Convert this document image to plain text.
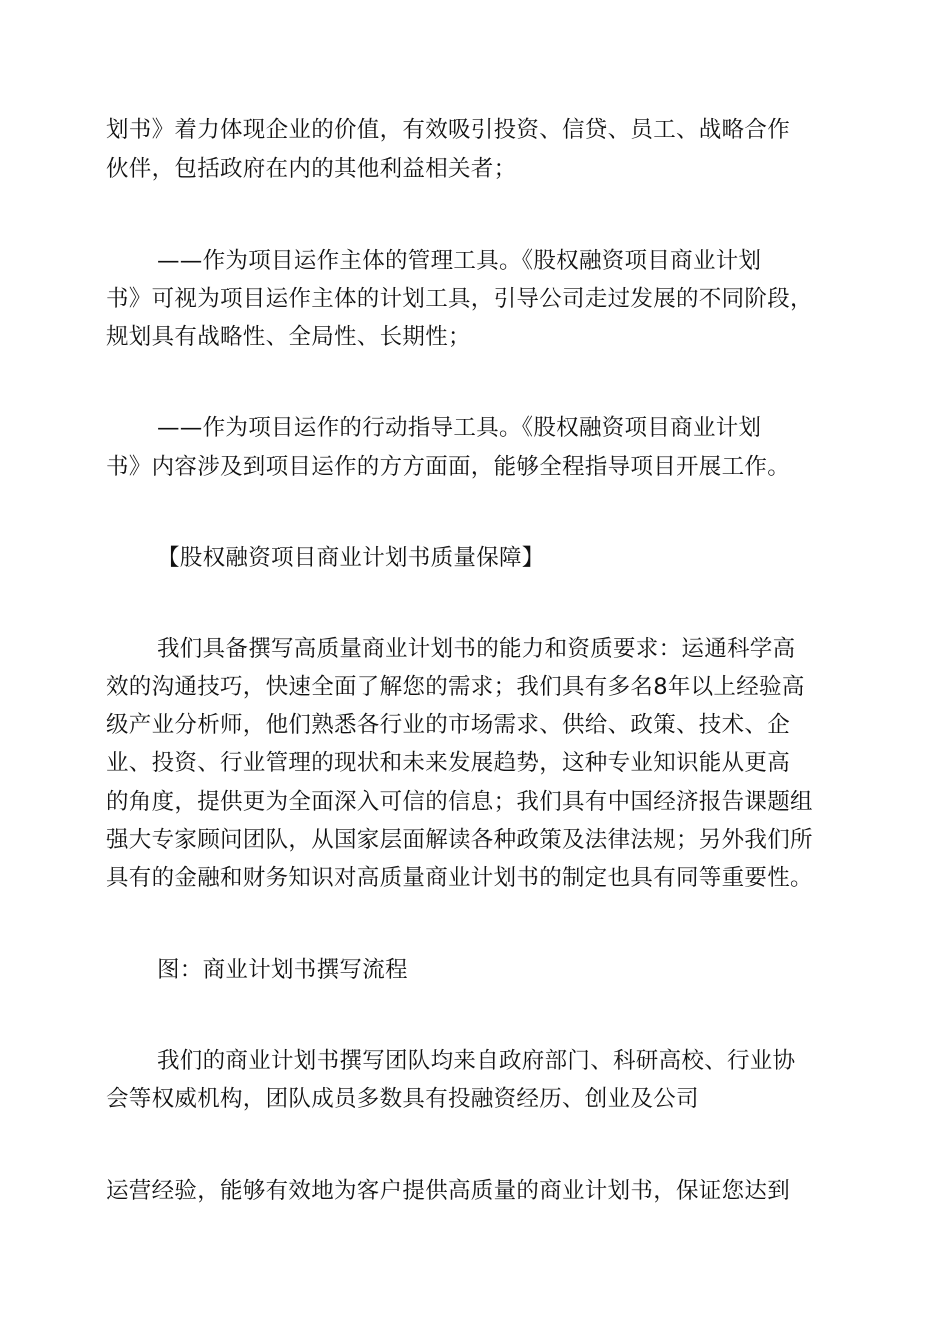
划书》着力体现企业的价值，有效吸引投资、信贷、员工、战略合作
伙伴，包括政府在内的其他利益相关者；
——作为项目运作主体的管理工具。《股权融资项目商业计划
书》可视为项目运作主体的计划工具，引导公司走过发展的不同阶段，
规划具有战略性、全局性、长期性；
——作为项目运作的行动指导工具。《股权融资项目商业计划
书》内容涉及到项目运作的方方面面，能够全程指导项目开展工作。
【股权融资项目商业计划书质量保障】
我们具备撰写高质量商业计划书的能力和资质要求：运通科学高
效的沟通技巧，快速全面了解您的需求；我们具有多名8年以上经验高
级产业分析师，他们熟悉各行业的市场需求、供给、政策、技术、企
业、投资、行业管理的现状和未来发展趋势，这种专业知识能从更高
的角度，提供更为全面深入可信的信息；我们具有中国经济报告课题组
强大专家顾问团队，从国家层面解读各种政策及法律法规；另外我们所
具有的金融和财务知识对高质量商业计划书的制定也具有同等重要性。
图：商业计划书撰写流程
我们的商业计划书撰写团队均来自政府部门、科研高校、行业协
会等权威机构，团队成员多数具有投融资经历、创业及公司
运营经验，能够有效地为客户提供高质量的商业计划书，保证您达到
